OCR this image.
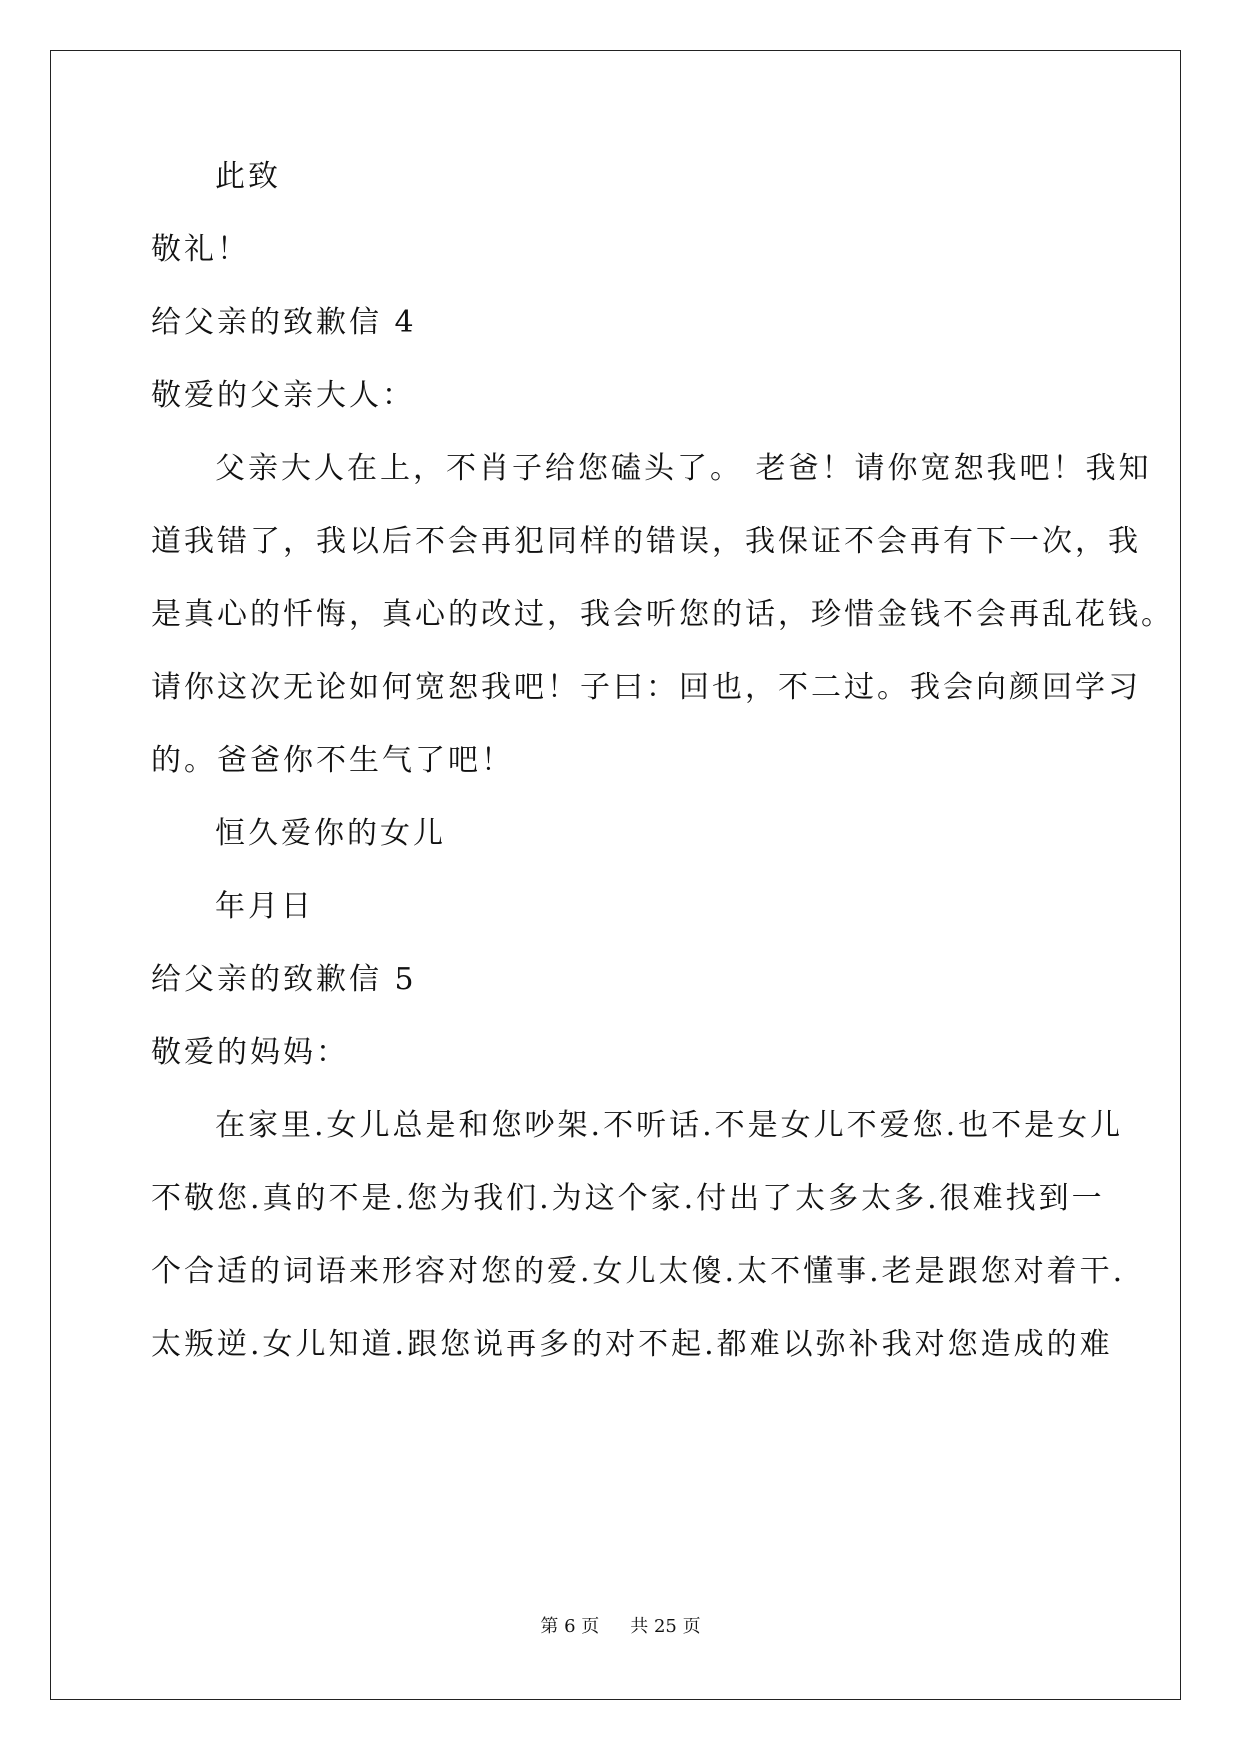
此致
敬礼！
给父亲的致歉信 4
敬爱的父亲大人：
父亲大人在上，不肖子给您磕头了。 老爸！请你宽恕我吧！我知
道我错了，我以后不会再犯同样的错误，我保证不会再有下一次，我
是真心的忏悔，真心的改过，我会听您的话，珍惜金钱不会再乱花钱。
请你这次无论如何宽恕我吧！子曰：回也，不二过。我会向颜回学习
的。爸爸你不生气了吧！
恒久爱你的女儿
年月日
给父亲的致歉信 5
敬爱的妈妈：
在家里.女儿总是和您吵架.不听话.不是女儿不爱您.也不是女儿
不敬您.真的不是.您为我们.为这个家.付出了太多太多.很难找到一
个合适的词语来形容对您的爱.女儿太傻.太不懂事.老是跟您对着干.
太叛逆.女儿知道.跟您说再多的对不起.都难以弥补我对您造成的难
第 6 页 共 25 页
